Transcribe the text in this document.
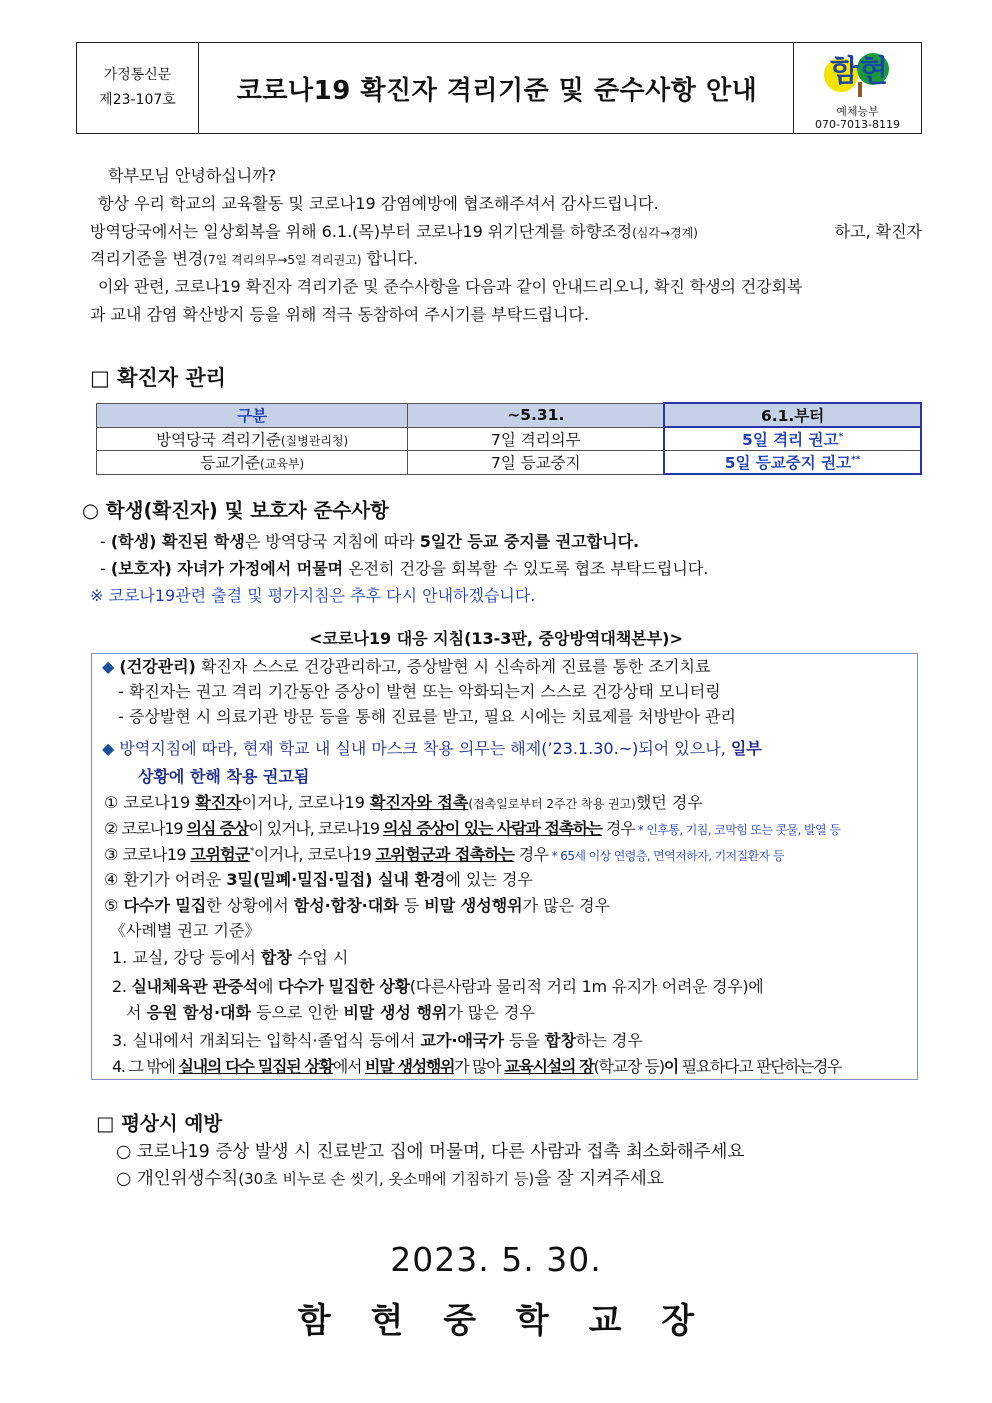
가정통신문
제23-107호	코로나19 확진자 격리기준 및 준수사항 안내
함현
예체능부
070-7013-8119
학부모님 안녕하십니까?
항상 우리 학교의 교육활동 및 코로나19 감염예방에 협조해주셔서 감사드립니다.
방역당국에서는 일상회복을 위해 6.1.(목)부터 코로나19 위기단계를 하향조정 (심각→경계)	하고, 확진자
격리기준을 변경(7일 격리의무→5일 격리권고) 합니다.
이와 관련, 코로나19 확진자 격리기준 및 준수사항을 다음과 같이 안내드리오니, 확진 학생의 건강회복
과 교내 감염 확산방지 등을 위해 적극 동참하여 주시기를 부탁드립니다.
□ 확진자 관리
구분	~5.31.	6.1.부터
방역당국 격리기준(질병관리청)	7일 격리의무	5일 격리 권고*
등교기준(교육부)	7일 등교중지	5일 등교중지 권고**
○ 학생(확진자) 및 보호자 준수사항
- (학생) 확진된 학생은 방역당국 지침에 따라 5일간 등교 중지를 권고합니다.
- (보호자) 자녀가 가정에서 머물며 온전히 건강을 회복할 수 있도록 협조 부탁드립니다.
※ 코로나19관련 출결 및 평가지침은 추후 다시 안내하겠습니다.
<코로나19 대응 지침(13-3판, 중앙방역대책본부)>
◆ (건강관리) 확진자 스스로 건강관리하고, 증상발현 시 신속하게 진료를 통한 조기치료
- 확진자는 권고 격리 기간동안 증상이 발현 또는 악화되는지 스스로 건강상태 모니터링
- 증상발현 시 의료기관 방문 등을 통해 진료를 받고, 필요 시에는 치료제를 처방받아 관리
◆ 방역지침에 따라, 현재 학교 내 실내 마스크 착용 의무는 해제(’23.1.30.~)되어 있으나, 일부
상황에 한해 착용 권고됨
① 코로나19 확진자이거나, 코로나19 확진자와 접촉(접촉일로부터 2주간 착용 권고)했던 경우
② 코로나19 의심 증상이 있거나, 코로나19 의심 증상이 있는 사람과 접촉하는 경우 * 인후통, 기침, 코막힘 또는 콧물, 발열 등
③ 코로나19 고위험군*이거나, 코로나19 고위험군과 접촉하는 경우 * 65세 이상 연령층, 면역저하자, 기저질환자 등
④ 환기가 어려운 3밀(밀폐·밀집·밀접) 실내 환경에 있는 경우
⑤ 다수가 밀집한 상황에서 함성·합창·대화 등 비말 생성행위가 많은 경우
《사례별 권고 기준》
1. 교실, 강당 등에서 합창 수업 시
2. 실내체육관 관중석에 다수가 밀집한 상황(다른사람과 물리적 거리 1m 유지가 어려운 경우)에
서 응원 함성·대화 등으로 인한 비말 생성 행위가 많은 경우
3. 실내에서 개최되는 입학식·졸업식 등에서 교가·애국가 등을 합창하는 경우
4. 그 밖에 실내의 다수 밀집된 상황에서 비말 생성행위가 많아 교육시설의 장(학교장 등)이 필요하다고 판단하는경우
□ 평상시 예방
○ 코로나19 증상 발생 시 진료받고 집에 머물며, 다른 사람과 접촉 최소화해주세요
○ 개인위생수칙(30초 비누로 손 씻기, 옷소매에 기침하기 등)을 잘 지켜주세요
2023. 5. 30.
함 현 중 학 교 장
